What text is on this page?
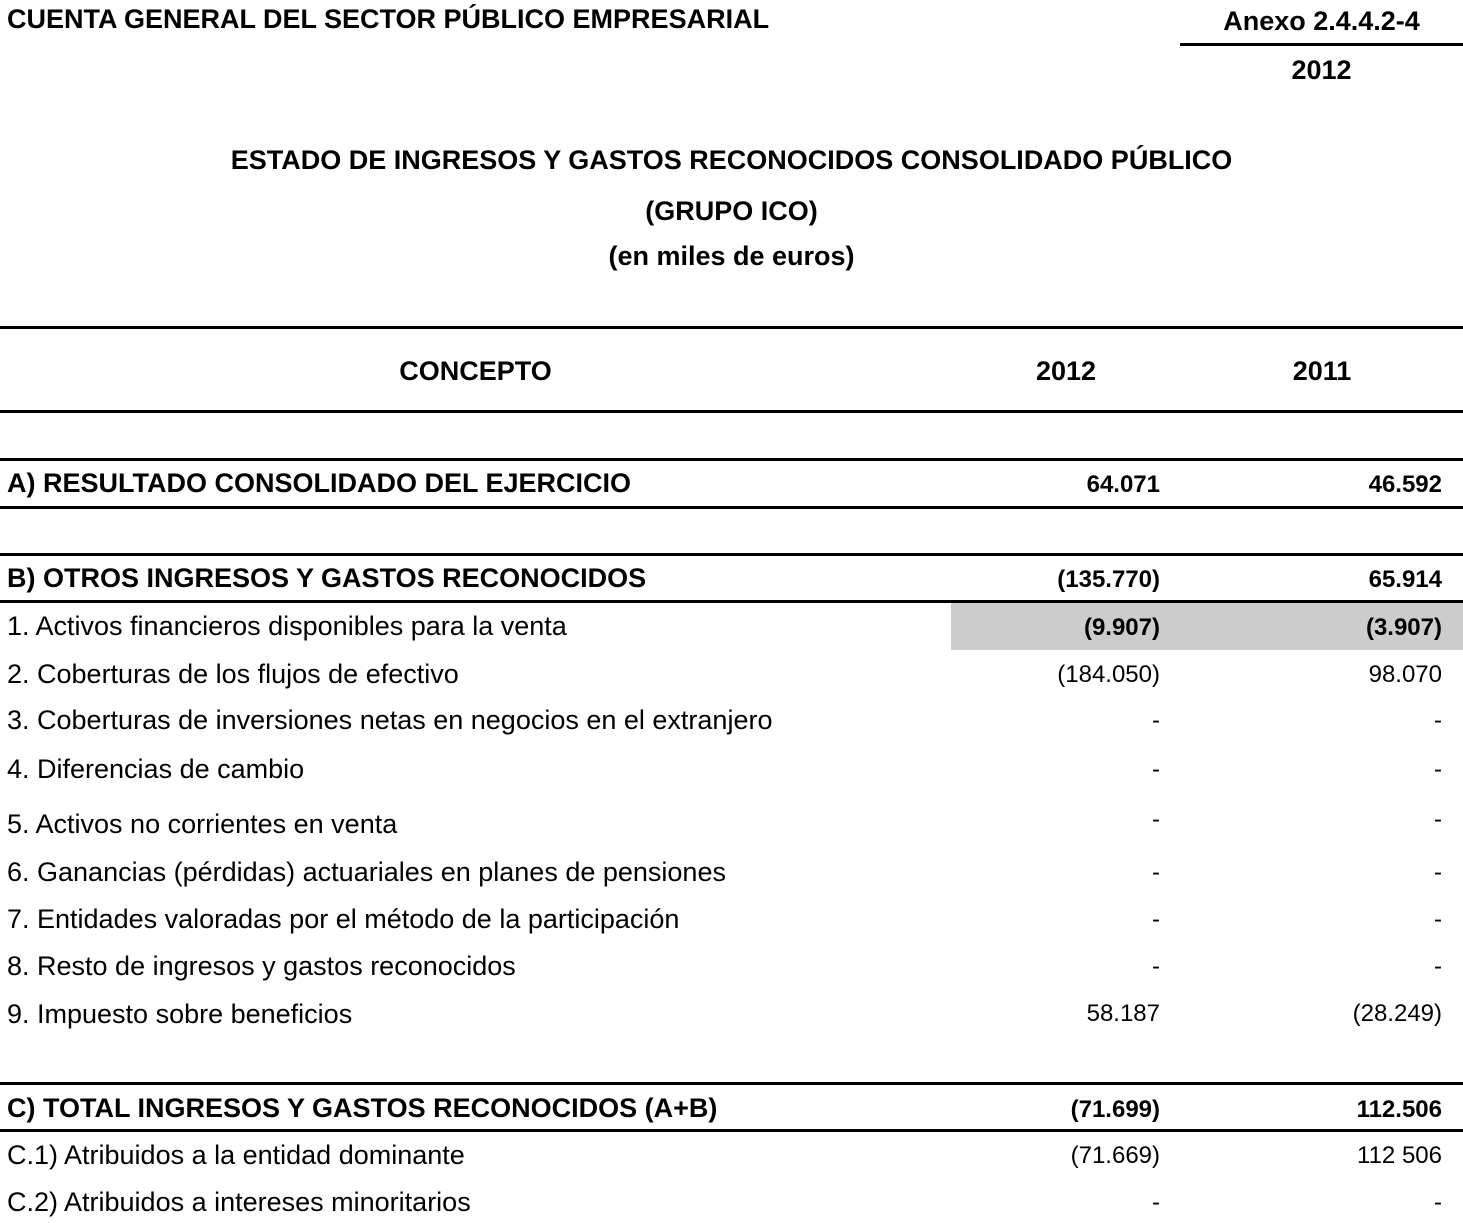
CUENTA GENERAL DEL SECTOR PÚBLICO EMPRESARIAL	Anexo 2.4.4.2-4
2012
ESTADO DE INGRESOS Y GASTOS RECONOCIDOS CONSOLIDADO PÚBLICO
(GRUPO ICO)
(en miles de euros)
CONCEPTO	2012	2011
A) RESULTADO CONSOLIDADO DEL EJERCICIO	64.071	46.592
B) OTROS INGRESOS Y GASTOS RECONOCIDOS	(135.770)	65.914
1. Activos financieros disponibles para la venta	(9.907)	(3.907)
2. Coberturas de los flujos de efectivo	(184.050)	98.070
3. Coberturas de inversiones netas en negocios en el extranjero	-	-
4. Diferencias de cambio	-	-
5. Activos no corrientes en venta	-	-
6. Ganancias (pérdidas) actuariales en planes de pensiones	-	-
7. Entidades valoradas por el método de la participación	-	-
8. Resto de ingresos y gastos reconocidos	-	-
9. Impuesto sobre beneficios	58.187	(28.249)
C) TOTAL INGRESOS Y GASTOS RECONOCIDOS (A+B)	(71.699)	112.506
C.1) Atribuidos a la entidad dominante	(71.669)	112 506
C.2) Atribuidos a intereses minoritarios	-	-
